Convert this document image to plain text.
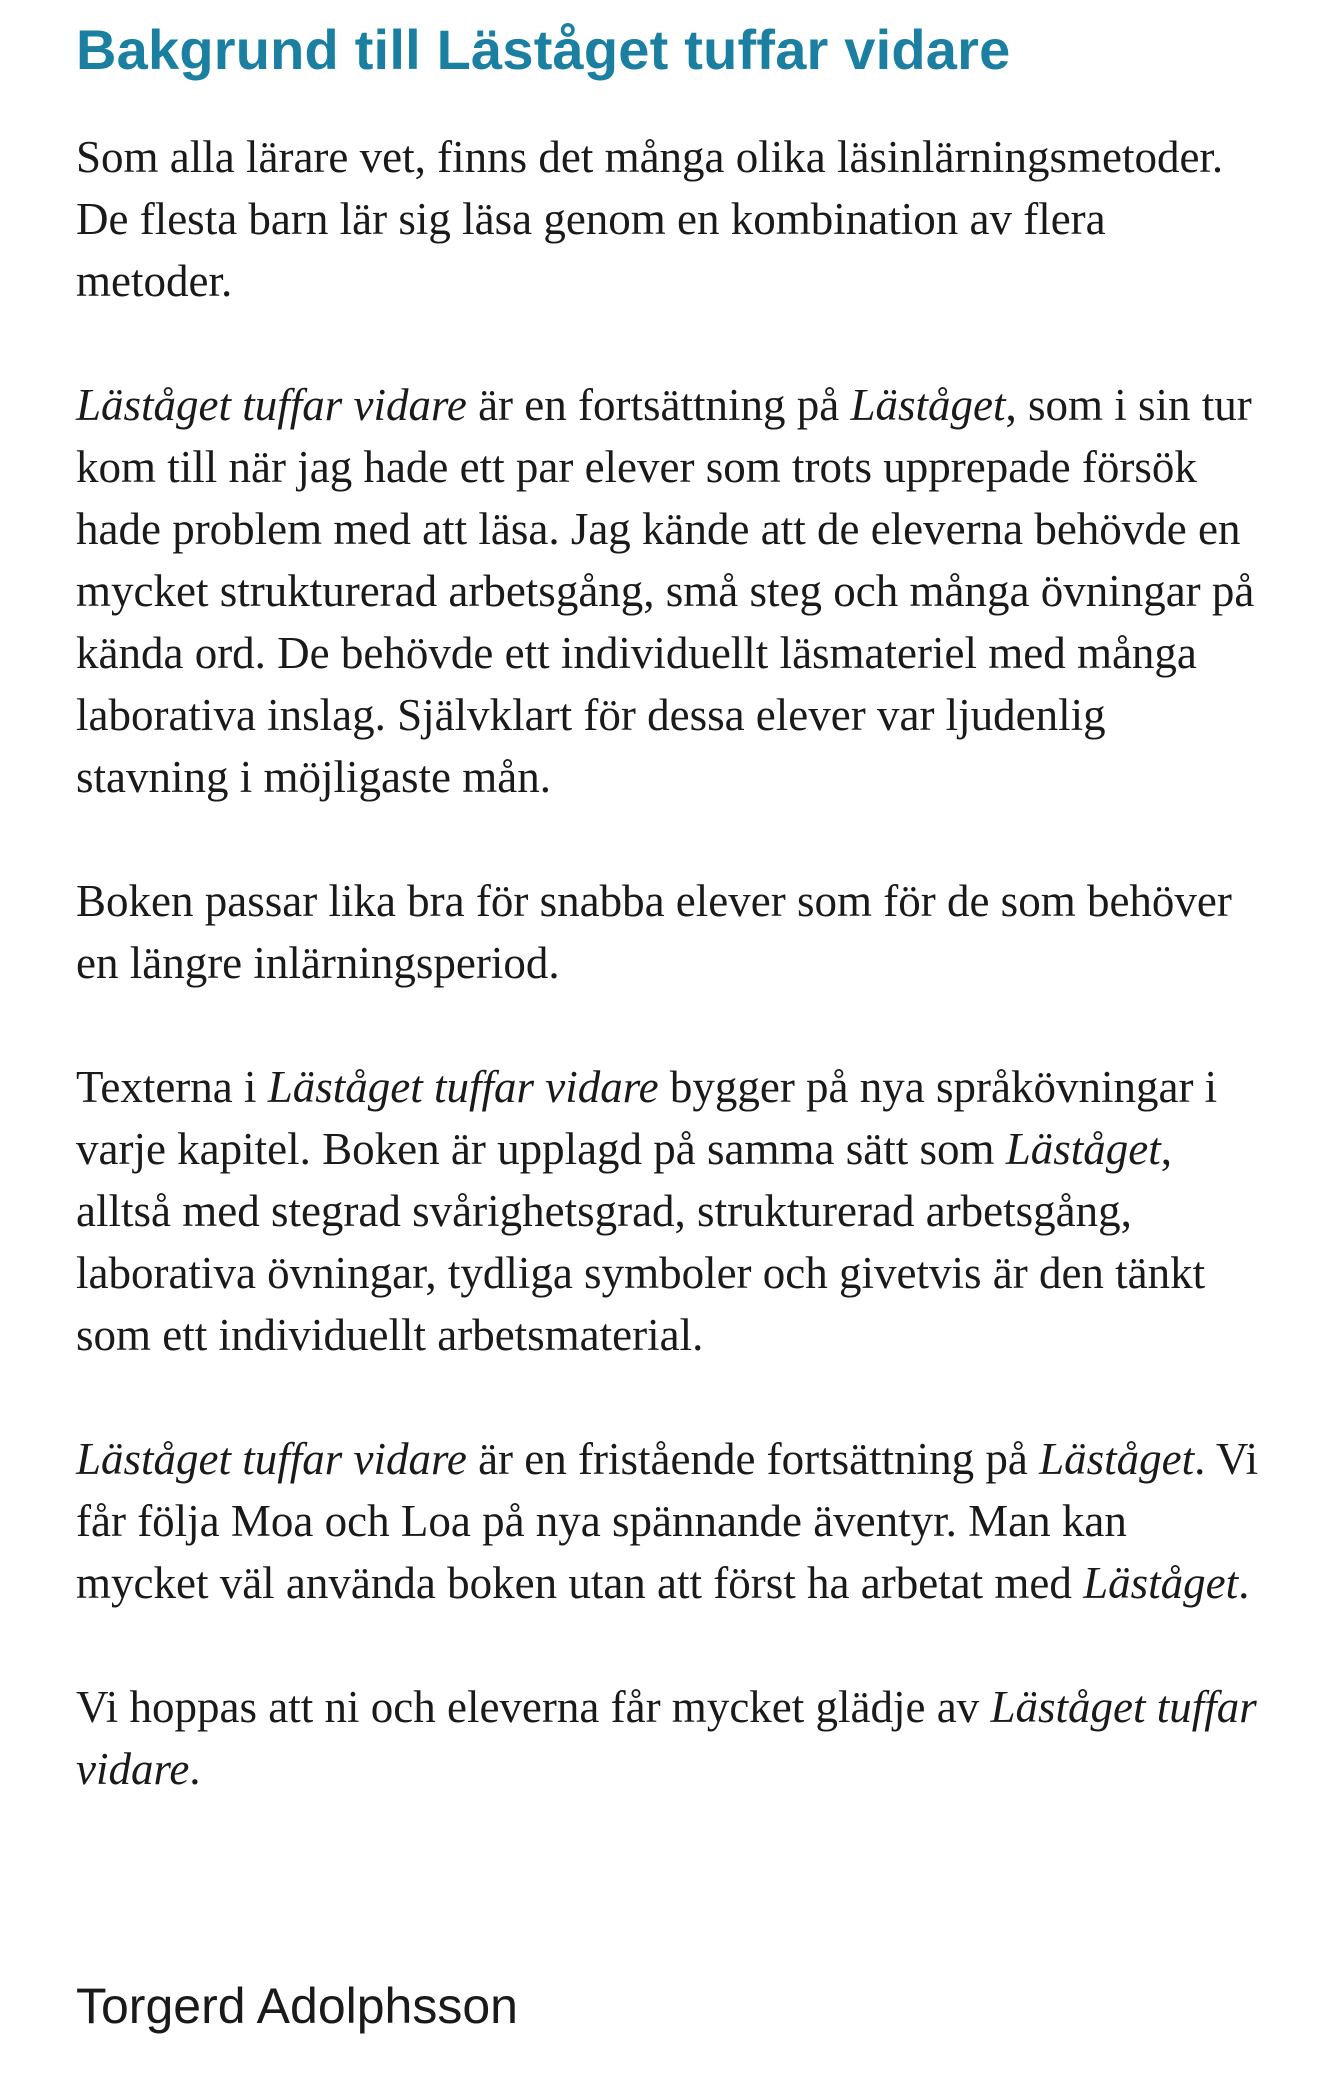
Bakgrund till Läståget tuffar vidare

Som alla lärare vet, finns det många olika läsinlärningsmetoder. De flesta barn lär sig läsa genom en kombination av flera metoder.

Läståget tuffar vidare är en fortsättning på Läståget, som i sin tur kom till när jag hade ett par elever som trots upprepade försök hade problem med att läsa. Jag kände att de eleverna behövde en mycket strukturerad arbetsgång, små steg och många övningar på kända ord. De behövde ett individuellt läsmateriel med många laborativa inslag. Självklart för dessa elever var ljudenlig stavning i möjligaste mån.

Boken passar lika bra för snabba elever som för de som behöver en längre inlärningsperiod.

Texterna i Läståget tuffar vidare bygger på nya språkövningar i varje kapitel. Boken är upplagd på samma sätt som Läståget, alltså med stegrad svårighetsgrad, strukturerad arbetsgång, laborativa övningar, tydliga symboler och givetvis är den tänkt som ett individuellt arbetsmaterial.

Läståget tuffar vidare är en fristående fortsättning på Läståget. Vi får följa Moa och Loa på nya spännande äventyr. Man kan mycket väl använda boken utan att först ha arbetat med Läståget.

Vi hoppas att ni och eleverna får mycket glädje av Läståget tuffar vidare.

Torgerd Adolphsson
